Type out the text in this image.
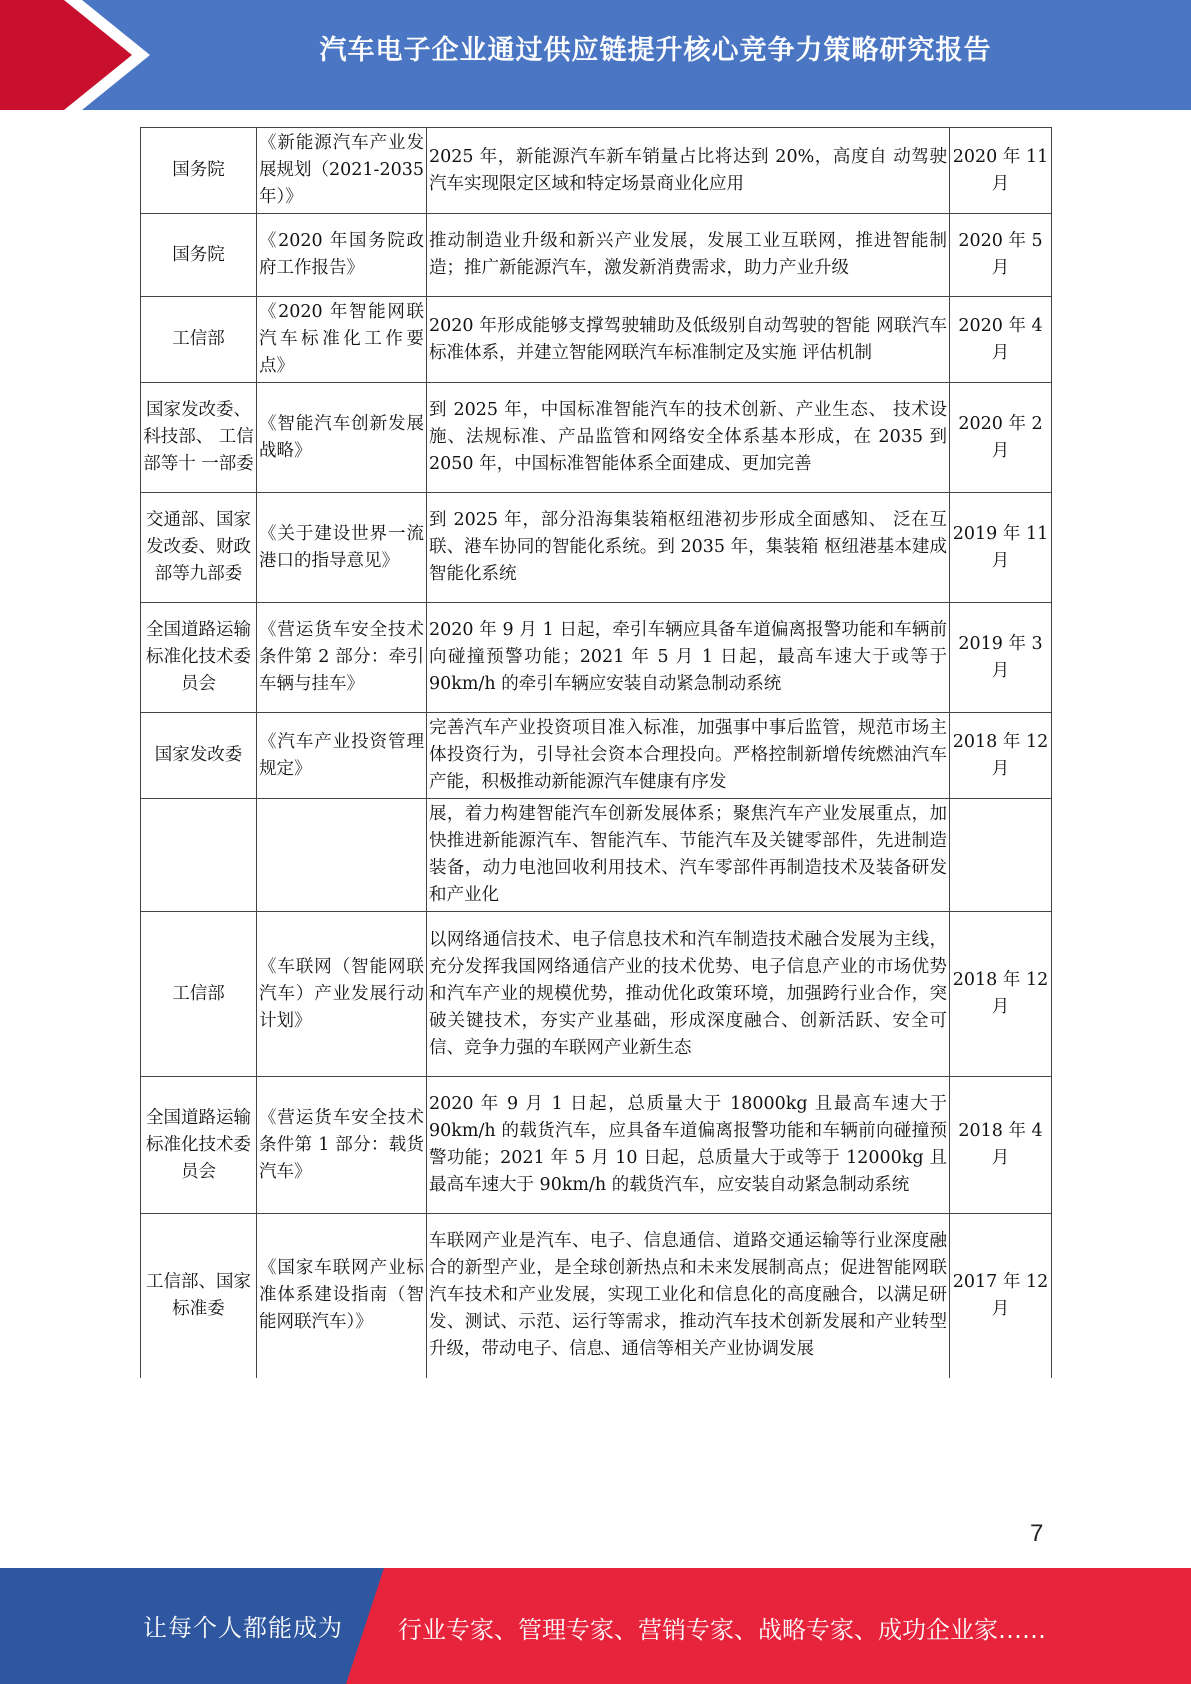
汽车电子企业通过供应链提升核心竞争力策略研究报告
国务院	《新能源汽车产业发展规划（2021-2035年）》	2025 年，新能源汽车新车销量占比将达到 20%，高度自 动驾驶汽车实现限定区域和特定场景商业化应用	2020 年 11 月
国务院	《2020 年国务院政府工作报告》	推动制造业升级和新兴产业发展，发展工业互联网，推进智能制造；推广新能源汽车，激发新消费需求，助力产业升级	2020 年 5 月
工信部	《2020 年智能网联汽车标准化工作要点》	2020 年形成能够支撑驾驶辅助及低级别自动驾驶的智能 网联汽车标准体系，并建立智能网联汽车标准制定及实施 评估机制	2020 年 4 月
国家发改委、科技部、 工信部等十 一部委	《智能汽车创新发展战略》	到 2025 年，中国标准智能汽车的技术创新、产业生态、 技术设施、法规标准、产品监管和网络安全体系基本形成，在 2035 到 2050 年，中国标准智能体系全面建成、更加完善	2020 年 2 月
交通部、国家发改委、财政部等九部委	《关于建设世界一流港口的指导意见》	到 2025 年，部分沿海集装箱枢纽港初步形成全面感知、 泛在互联、港车协同的智能化系统。到 2035 年，集装箱 枢纽港基本建成智能化系统	2019 年 11 月
全国道路运输标准化技术委员会	《营运货车安全技术条件第 2 部分：牵引车辆与挂车》	2020 年 9 月 1 日起，牵引车辆应具备车道偏离报警功能和车辆前向碰撞预警功能；2021 年 5 月 1 日起，最高车速大于或等于 90km/h 的牵引车辆应安装自动紧急制动系统	2019 年 3 月
国家发改委	《汽车产业投资管理规定》	完善汽车产业投资项目准入标准，加强事中事后监管，规范市场主体投资行为，引导社会资本合理投向。严格控制新增传统燃油汽车产能，积极推动新能源汽车健康有序发	2018 年 12 月
		展，着力构建智能汽车创新发展体系；聚焦汽车产业发展重点，加快推进新能源汽车、智能汽车、节能汽车及关键零部件，先进制造装备，动力电池回收利用技术、汽车零部件再制造技术及装备研发和产业化	
工信部	《车联网（智能网联汽车）产业发展行动计划》	以网络通信技术、电子信息技术和汽车制造技术融合发展为主线，充分发挥我国网络通信产业的技术优势、电子信息产业的市场优势和汽车产业的规模优势，推动优化政策环境，加强跨行业合作，突破关键技术，夯实产业基础，形成深度融合、创新活跃、安全可信、竞争力强的车联网产业新生态	2018 年 12 月
全国道路运输标准化技术委员会	《营运货车安全技术条件第 1 部分：载货汽车》	2020 年 9 月 1 日起，总质量大于 18000kg 且最高车速大于 90km/h 的载货汽车，应具备车道偏离报警功能和车辆前向碰撞预警功能；2021 年 5 月 10 日起，总质量大于或等于 12000kg 且最高车速大于 90km/h 的载货汽车，应安装自动紧急制动系统	2018 年 4 月
工信部、国家标准委	《国家车联网产业标准体系建设指南（智能网联汽车）》	车联网产业是汽车、电子、信息通信、道路交通运输等行业深度融合的新型产业，是全球创新热点和未来发展制高点；促进智能网联汽车技术和产业发展，实现工业化和信息化的高度融合，以满足研发、测试、示范、运行等需求，推动汽车技术创新发展和产业转型升级，带动电子、信息、通信等相关产业协调发展	2017 年 12 月
7
让每个人都能成为 行业专家、管理专家、营销专家、战略专家、成功企业家……
